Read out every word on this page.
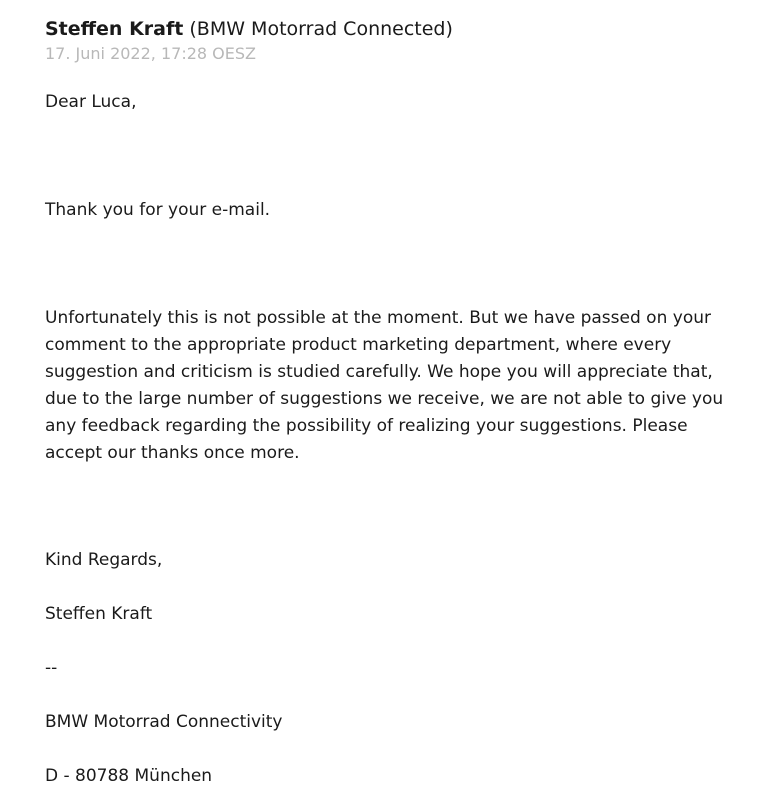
Steffen Kraft (BMW Motorrad Connected)
17. Juni 2022, 17:28 OESZ

Dear Luca,

Thank you for your e-mail.

Unfortunately this is not possible at the moment. But we have passed on your comment to the appropriate product marketing department, where every suggestion and criticism is studied carefully. We hope you will appreciate that, due to the large number of suggestions we receive, we are not able to give you any feedback regarding the possibility of realizing your suggestions. Please accept our thanks once more.

Kind Regards,

Steffen Kraft

--

BMW Motorrad Connectivity

D - 80788 München
